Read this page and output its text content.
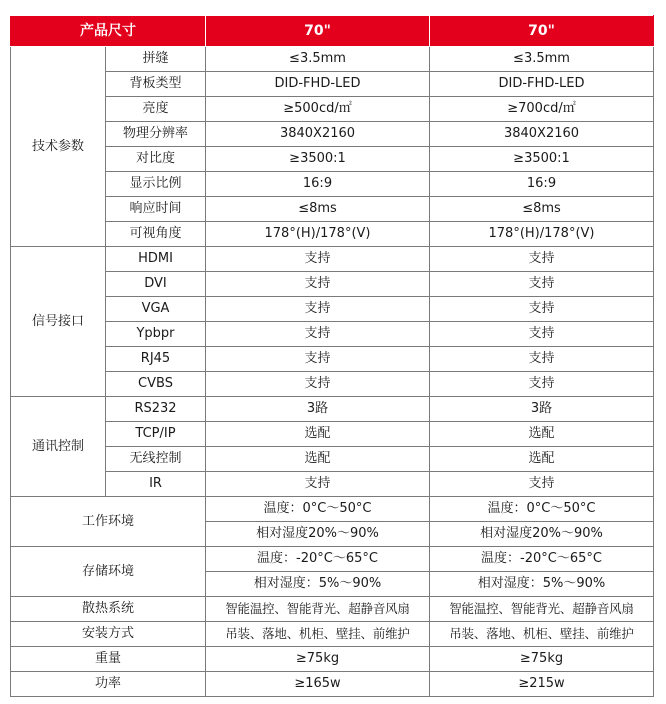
产品尺寸		70"	70"
技术参数	拼缝	≤3.5mm	≤3.5mm
	背板类型	DID-FHD-LED	DID-FHD-LED
	亮度	≥500cd/㎡	≥700cd/㎡
	物理分辨率	3840X2160	3840X2160
	对比度	≥3500:1	≥3500:1
	显示比例	16:9	16:9
	响应时间	≤8ms	≤8ms
	可视角度	178°(H)/178°(V)	178°(H)/178°(V)
信号接口	HDMI	支持	支持
	DVI	支持	支持
	VGA	支持	支持
	Ypbpr	支持	支持
	RJ45	支持	支持
	CVBS	支持	支持
通讯控制	RS232	3路	3路
	TCP/IP	选配	选配
	无线控制	选配	选配
	IR	支持	支持
工作环境		温度：0°C～50°C	温度：0°C～50°C
		相对湿度20%～90%	相对湿度20%～90%
存储环境		温度：-20°C～65°C	温度：-20°C～65°C
		相对湿度：5%～90%	相对湿度：5%～90%
散热系统		智能温控、智能背光、超静音风扇	智能温控、智能背光、超静音风扇
安装方式		吊装、落地、机柜、壁挂、前维护	吊装、落地、机柜、壁挂、前维护
重量		≥75kg	≥75kg
功率		≥165w	≥215w
